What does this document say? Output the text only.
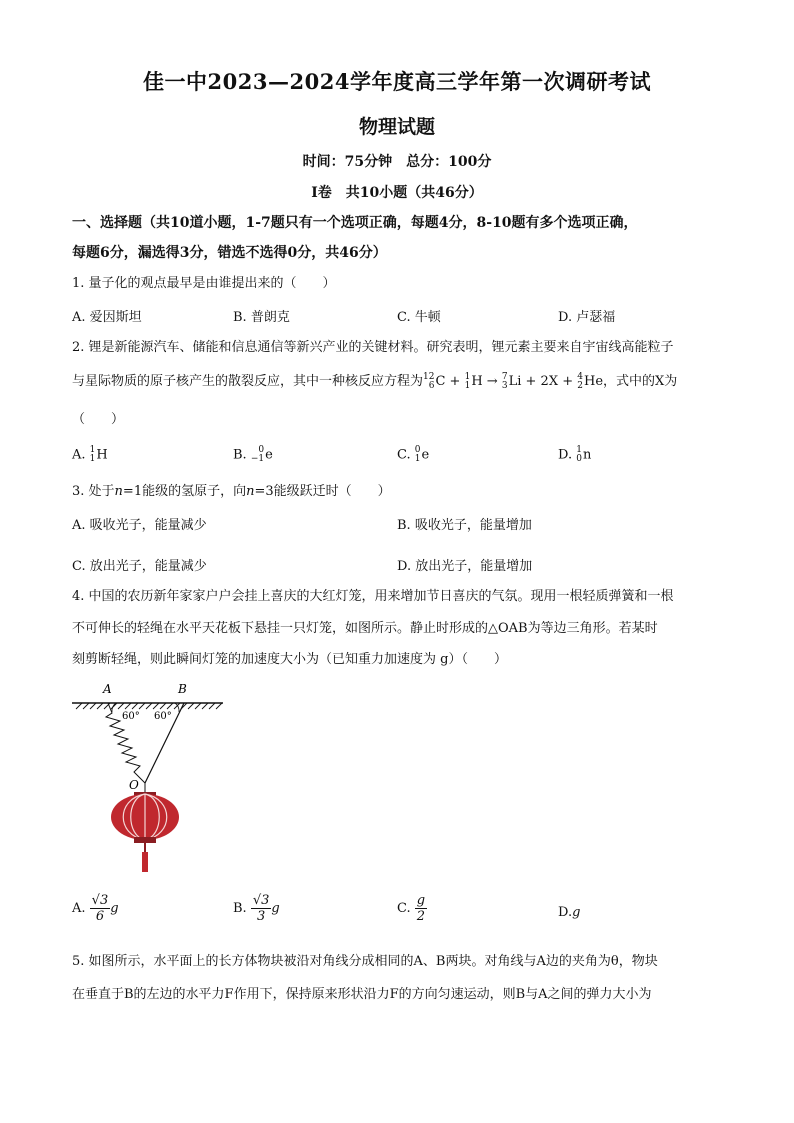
佳一中2023—2024学年度高三学年第一次调研考试
物理试题
时间：75分钟　总分：100分
I卷　共10小题（共46分）
一、选择题（共10道小题，1-7题只有一个选项正确，每题4分，8-10题有多个选项正确，
每题6分，漏选得3分，错选不选得0分，共46分）
1. 量子化的观点最早是由谁提出来的（　　）
A. 爱因斯坦	B. 普朗克	C. 牛顿	D. 卢瑟福
2. 锂是新能源汽车、储能和信息通信等新兴产业的关键材料。研究表明，锂元素主要来自宇宙线高能粒子
与星际物质的原子核产生的散裂反应，其中一种核反应方程为12
6C + 1
1H → 7
3Li + 2X + 4
2He，式中的X为
（　　）
A. 1
1H	B. 0
−1e	C. 0
1e	D. 1
0n
3. 处于n=1能级的氢原子，向n=3能级跃迁时（　　）
A. 吸收光子，能量减少	B. 吸收光子，能量增加
C. 放出光子，能量减少	D. 放出光子，能量增加
4. 中国的农历新年家家户户会挂上喜庆的大红灯笼，用来增加节日喜庆的气氛。现用一根轻质弹簧和一根
不可伸长的轻绳在水平天花板下悬挂一只灯笼，如图所示。静止时形成的△OAB为等边三角形。若某时
刻剪断轻绳，则此瞬间灯笼的加速度大小为（已知重力加速度为 g）（　　）
A	B
60° 60°
O
A. $\frac{√3}{6}$ g	B. $\frac{√3}{3}$ g	C. $\frac{g}{2}$	D.g
5. 如图所示，水平面上的长方体物块被沿对角线分成相同的A、B两块。对角线与A边的夹角为θ，物块
在垂直于B的左边的水平力F作用下，保持原来形状沿力F的方向匀速运动，则B与A之间的弹力大小为
